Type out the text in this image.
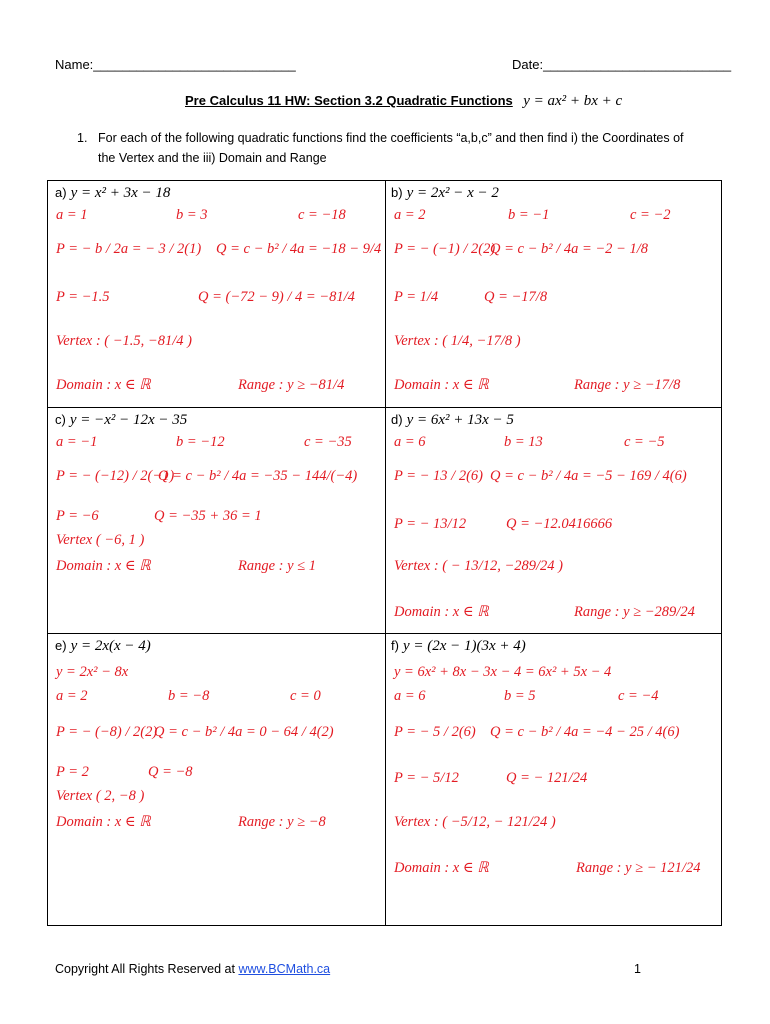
Name:____________________________	Date:__________________________
Pre Calculus 11 HW: Section 3.2 Quadratic Functions y = ax² + bx + c
1. For each of the following quadratic functions find the coefficients “a,b,c” and then find i) the Coordinates of
the Vertex and the iii) Domain and Range
a) y = x² + 3x − 18
a = 1	b = 3	c = −18
P = − b / 2a = − 3 / 2(1) Q = c − b² / 4a = −18 − 9/4
P = −1.5	Q = (−72 − 9) / 4 = −81/4
Vertex : ( −1.5, −81/4 )
Domain : x ∈ ℝ	Range : y ≥ −81/4
b) y = 2x² − x − 2
a = 2	b = −1	c = −2
P = − (−1) / 2(2)
Q = c − b² / 4a = −2 − 1/8
P = 1/4	Q = −17/8
Vertex : ( 1/4, −17/8 )
Domain : x ∈ ℝ	Range : y ≥ −17/8
c) y = −x² − 12x − 35
a = −1	b = −12	c = −35
P = − (−12) / 2(−1)
Q = c − b² / 4a = −35 − 144/(−4)
P = −6	Q = −35 + 36 = 1
Vertex ( −6, 1 )
Domain : x ∈ ℝ	Range : y ≤ 1
d) y = 6x² + 13x − 5
a = 6	b = 13	c = −5
P = − 13 / 2(6) Q = c − b² / 4a = −5 − 169 / 4(6)
P = − 13/12	Q = −12.0416666
Vertex : ( − 13/12, −289/24 )
Domain : x ∈ ℝ	Range : y ≥ −289/24
e) y = 2x(x − 4)
y = 2x² − 8x
a = 2	b = −8	c = 0
P = − (−8) / 2(2)
Q = c − b² / 4a = 0 − 64 / 4(2)
P = 2	Q = −8
Vertex ( 2, −8 )
Domain : x ∈ ℝ	Range : y ≥ −8
f) y = (2x − 1)(3x + 4)
y = 6x² + 8x − 3x − 4 = 6x² + 5x − 4
a = 6	b = 5	c = −4
P = − 5 / 2(6) Q = c − b² / 4a = −4 − 25 / 4(6)
P = − 5/12	Q = − 121/24
Vertex : ( −5/12, − 121/24 )
Domain : x ∈ ℝ	Range : y ≥ − 121/24
Copyright All Rights Reserved at www.BCMath.ca	1
